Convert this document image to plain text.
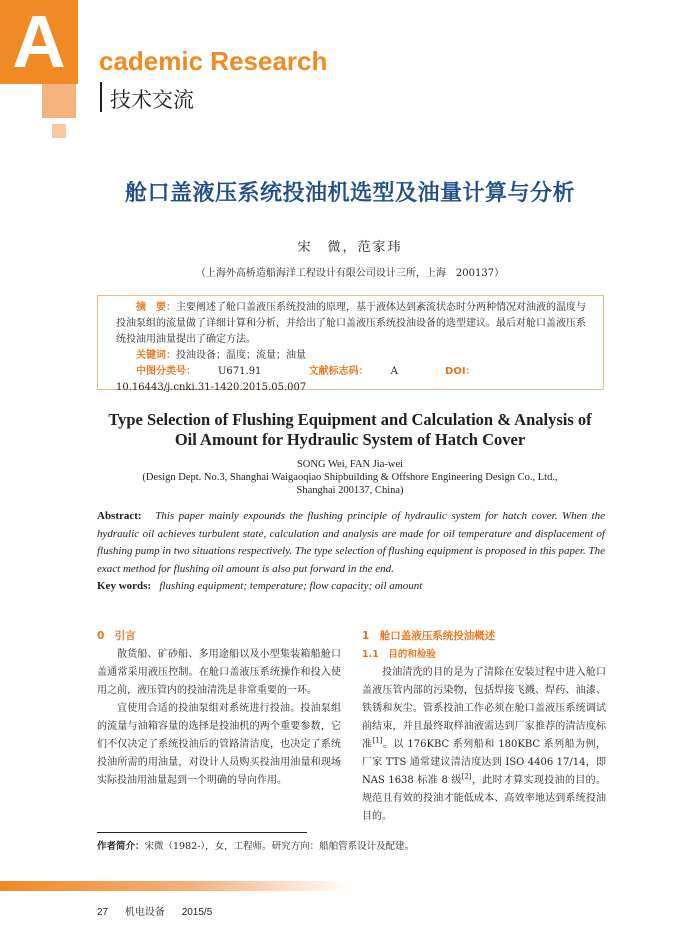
A	cademic Research
技术交流
舱口盖液压系统投油机选型及油量计算与分析
宋　微，范家玮
（上海外高桥造船海洋工程设计有限公司设计三所，上海　200137）

摘　要：主要阐述了舱口盖液压系统投油的原理，基于液体达到紊流状态时分两种情况对油液的温度与投油泵组的流量做了详细计算和分析，并给出了舱口盖液压系统投油设备的选型建议。最后对舱口盖液压系统投油用油量提出了确定方法。

关键词：投油设备；温度；流量；油量

中图分类号： U671.91	文献标志码： A	DOI：10.16443/j.cnki.31-1420.2015.05.007

Type Selection of Flushing Equipment and Calculation & Analysis of
Oil Amount for Hydraulic System of Hatch Cover
SONG Wei, FAN Jia-wei
(Design Dept. No.3, Shanghai Waigaoqiao Shipbuilding & Offshore Engineering Design Co., Ltd.,
Shanghai 200137, China)
Abstract: This paper mainly expounds the flushing principle of hydraulic system for hatch cover. When the hydraulic oil achieves turbulent state, calculation and analysis are made for oil temperature and displacement of flushing pump in two situations respectively. The type selection of flushing equipment is proposed in this paper. The exact method for flushing oil amount is also put forward in the end.
Key words: flushing equipment; temperature; flow capacity; oil amount
0　引言

散货船、矿砂船、多用途船以及小型集装箱船舱口盖通常采用液压控制。在舱口盖液压系统操作和投入使用之前，液压管内的投油清洗是非常重要的一环。

宜使用合适的投油泵组对系统进行投油。投油泵组的流量与油箱容量的选择是投油机的两个重要参数，它们不仅决定了系统投油后的管路清洁度，也决定了系统投油所需的用油量，对设计人员购买投油用油量和现场实际投油用油量起到一个明确的导向作用。

1　舱口盖液压系统投油概述
1.1　目的和检验

投油清洗的目的是为了清除在安装过程中进入舱口盖液压管内部的污染物，包括焊接飞溅、焊药、油漆、铁锈和灰尘。管系投油工作必须在舱口盖液压系统调试前结束，并且最终取样油液需达到厂家推荐的清洁度标准[1]。以 176KBC 系列船和 180KBC 系列船为例，厂家 TTS 通常建议清洁度达到 ISO 4406 17/14，即 NAS 1638 标准 8 级[2]，此时才算实现投油的目的。规范且有效的投油才能低成本、高效率地达到系统投油目的。

作者简介：宋微（1982-），女，工程师。研究方向：船舶管系设计及配建。
27 机电设备 2015/5
